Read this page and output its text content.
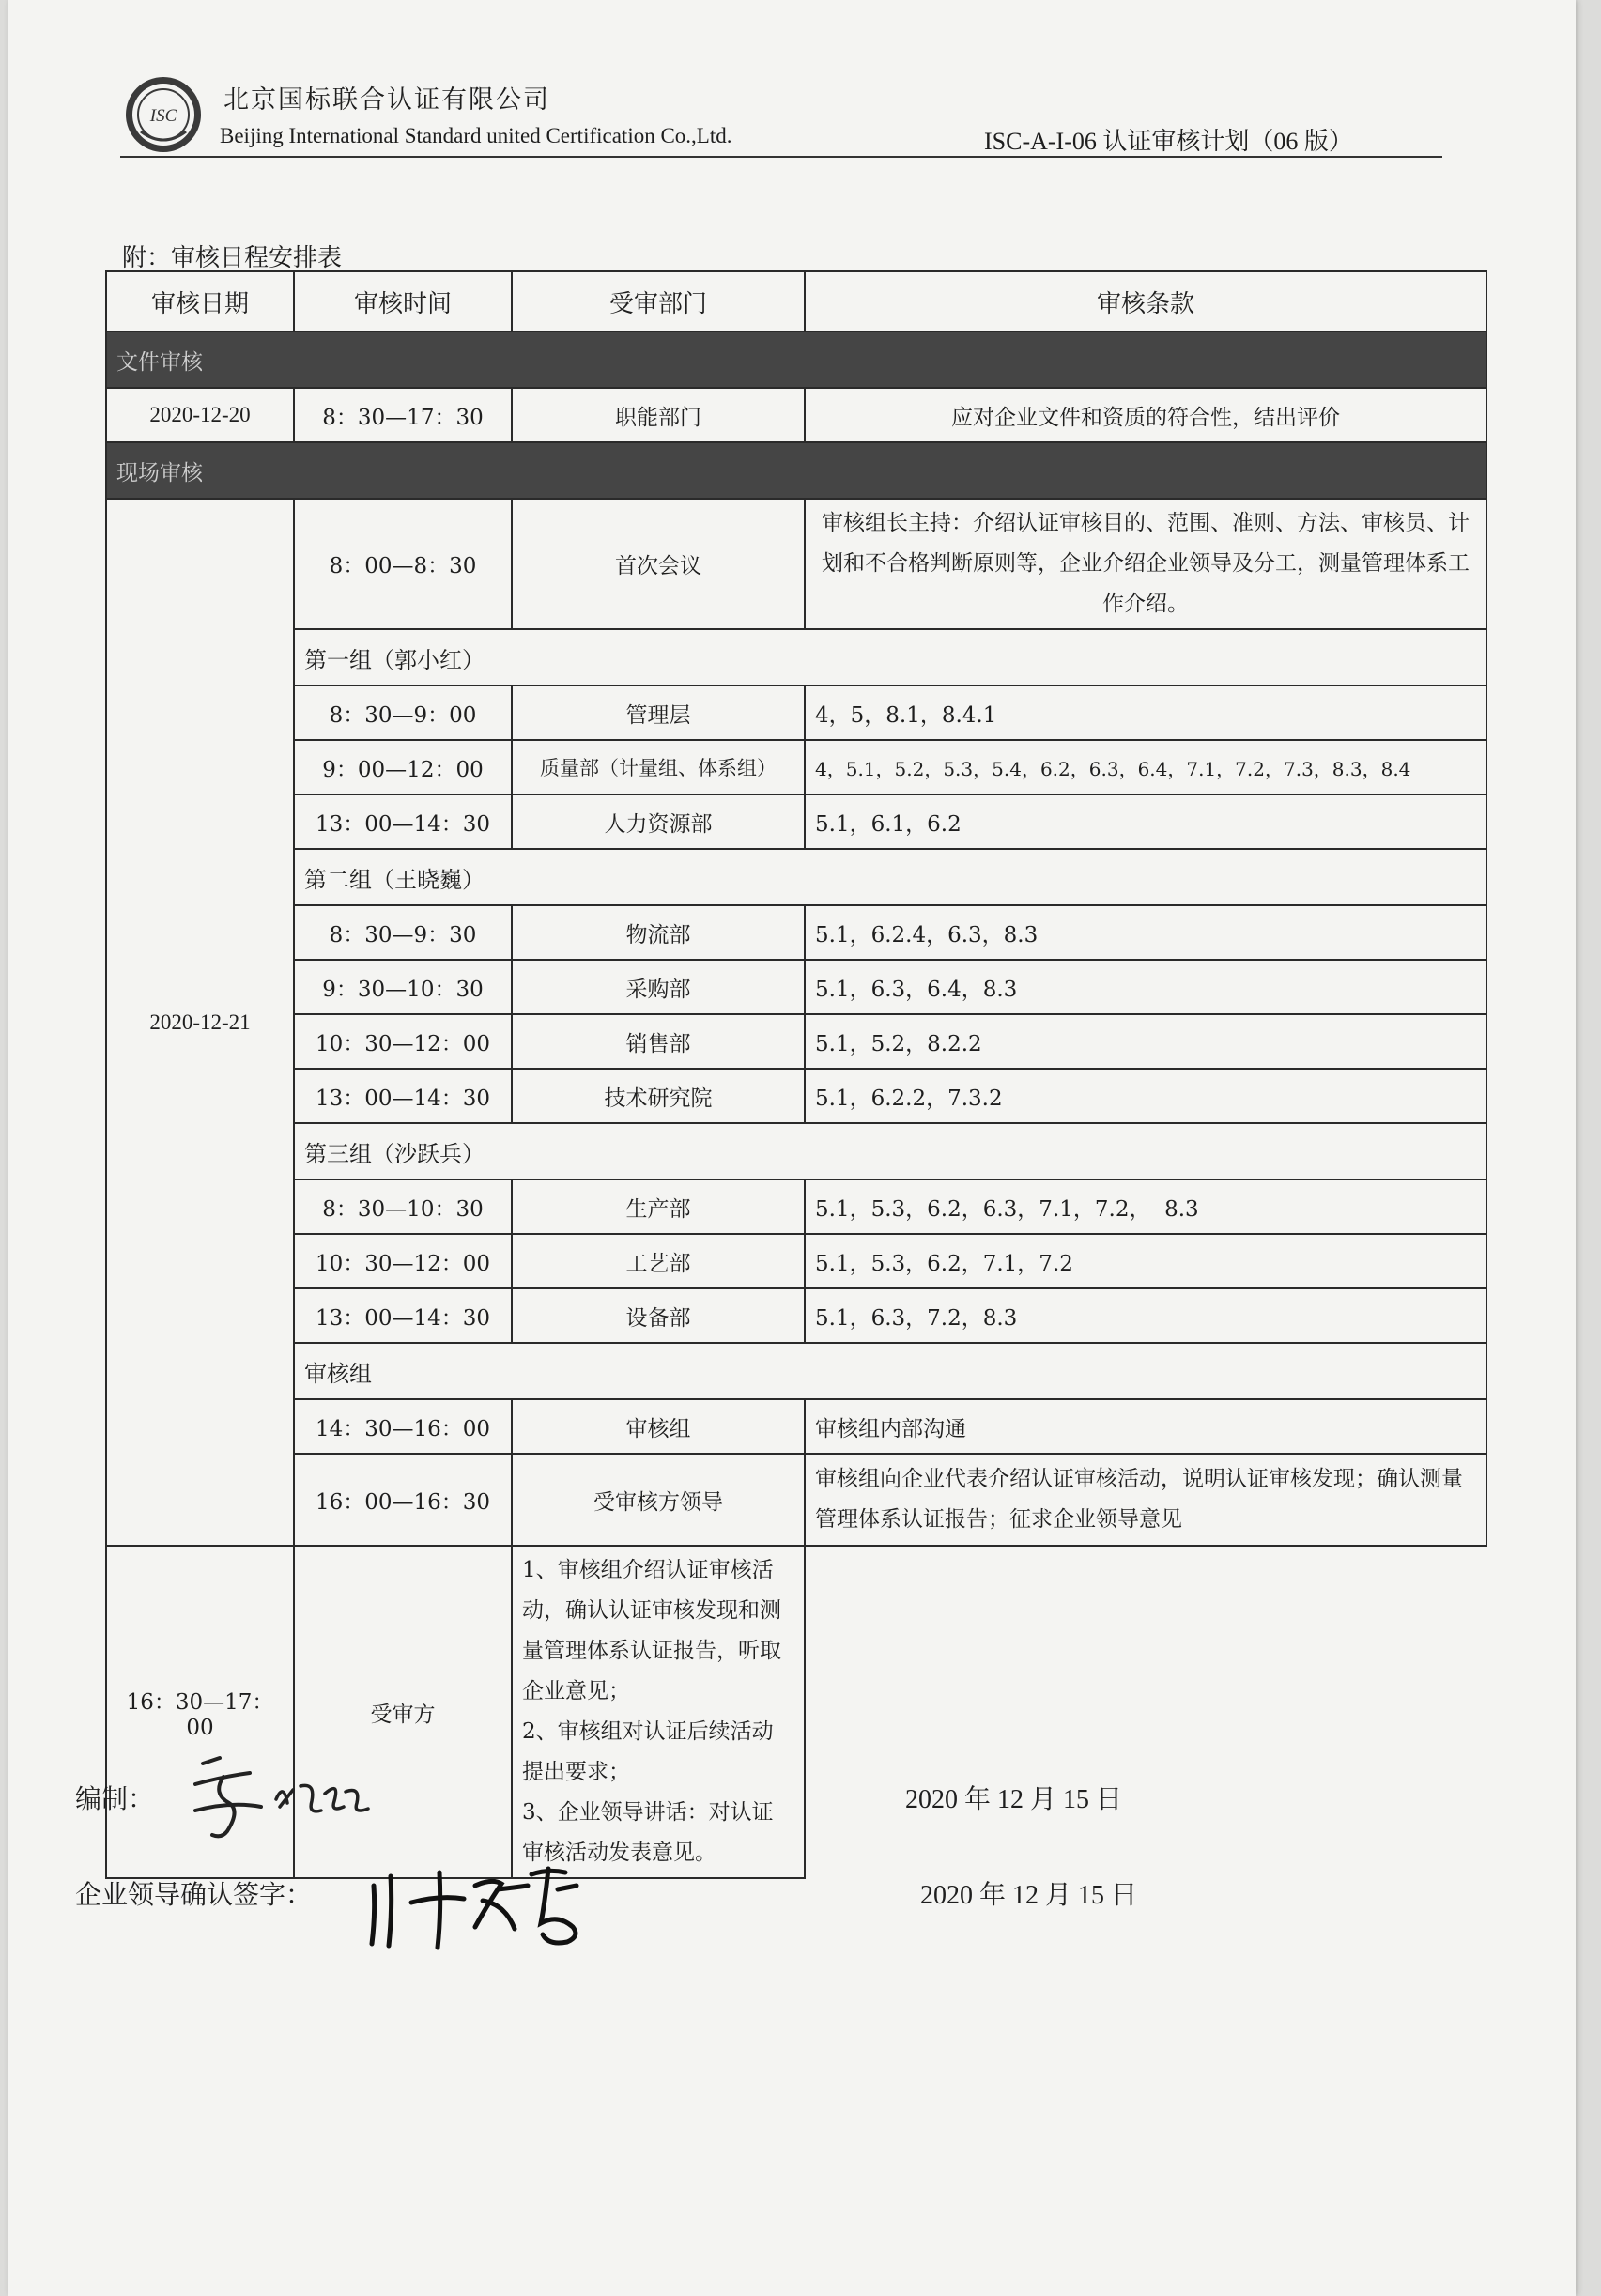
ISC
北京国标联合认证有限公司
Beijing International Standard united Certification Co.,Ltd.	ISC-A-I-06 认证审核计划（06 版）
附：审核日程安排表
审核日期	审核时间	受审部门	审核条款
文件审核			
2020-12-20	8：30—17：30	职能部门	应对企业文件和资质的符合性，结出评价
现场审核			
2020-12-21	8：00—8：30	首次会议	审核组长主持：介绍认证审核目的、范围、准则、方法、审核员、计划和不合格判断原则等，企业介绍企业领导及分工，测量管理体系工作介绍。
	第一组（郭小红）		
	8：30—9：00	管理层	4，5，8.1，8.4.1
	9：00—12：00	质量部（计量组、体系组）	4，5.1，5.2，5.3，5.4，6.2，6.3，6.4，7.1，7.2，7.3，8.3，8.4
	13：00—14：30	人力资源部	5.1，6.1，6.2
	第二组（王晓巍）		
	8：30—9：30	物流部	5.1，6.2.4，6.3，8.3
	9：30—10：30	采购部	5.1，6.3，6.4，8.3
	10：30—12：00	销售部	5.1，5.2，8.2.2
	13：00—14：30	技术研究院	5.1，6.2.2，7.3.2
	第三组（沙跃兵）		
	8：30—10：30	生产部	5.1，5.3，6.2，6.3，7.1，7.2，  8.3
	10：30—12：00	工艺部	5.1，5.3，6.2，7.1，7.2
	13：00—14：30	设备部	5.1，6.3，7.2，8.3
	审核组		
	14：30—16：00	审核组	审核组内部沟通
	16：00—16：30	受审核方领导	审核组向企业代表介绍认证审核活动，说明认证审核发现；确认测量管理体系认证报告；征求企业领导意见
16：30—17：00	受审方	1、审核组介绍认证审核活动，确认认证审核发现和测量管理体系认证报告，听取企业意见；
2、审核组对认证后续活动提出要求；
3、企业领导讲话：对认证审核活动发表意见。	
编制：	2020 年 12 月 15 日
企业领导确认签字：	2020 年 12 月 15 日
